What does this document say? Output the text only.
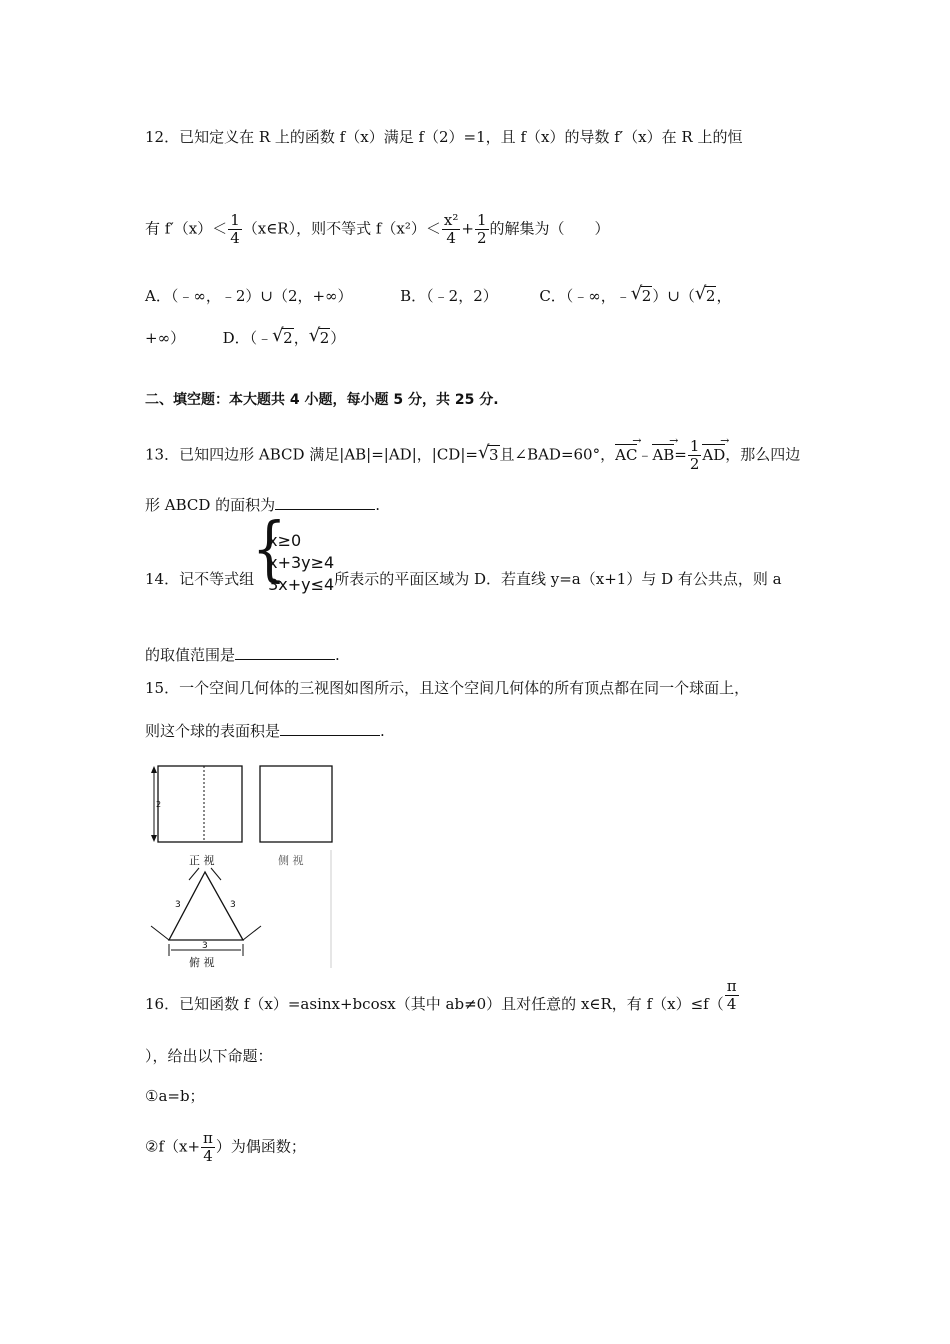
12．已知定义在 R 上的函数 f（x）满足 f（2）=1，且 f（x）的导数 f′（x）在 R 上的恒
有 $f'(x)< \frac{1}{4}$ （x∈R），则不等式 $f(x^2)< \frac{\text{x²}}{4} + \frac{1}{2}$ 的解集为（　　）
A．（﹣∞，﹣2）∪（2，+∞）	B．（﹣2，2）	C．（﹣∞，﹣ √ 2）∪（ √ 2，
+∞）	D．（﹣ √ 2， √ 2）
二、填空题：本大题共 4 小题，每小题 5 分，共 25 分.
13．已知四边形 ABCD 满足|AB|=|AD|，|CD|= √ 3且∠BAD=60°，AC →﹣AB →= $\frac{1}{2}$ AD →，那么四边
形 ABCD 的面积为	.
14．记不等式组
{ x≥0
x+3y≥4
3x+y≤4 所表示的平面区域为 D．若直线 y=a（x+1）与 D 有公共点，则 a
的取值范围是	.
15．一个空间几何体的三视图如图所示，且这个空间几何体的所有顶点都在同一个球面上，
则这个球的表面积是	.
2
正 视	侧 视
3	3
3
俯 视
16．已知函数 f（x）=asinx+bcosx（其中 ab≠0）且对任意的 x∈R，有 $f(x)\le f( \frac{\pi}{4}$
），给出以下命题：
①a=b；
②f（x+ $\frac{\pi}{4}$ ）为偶函数；
